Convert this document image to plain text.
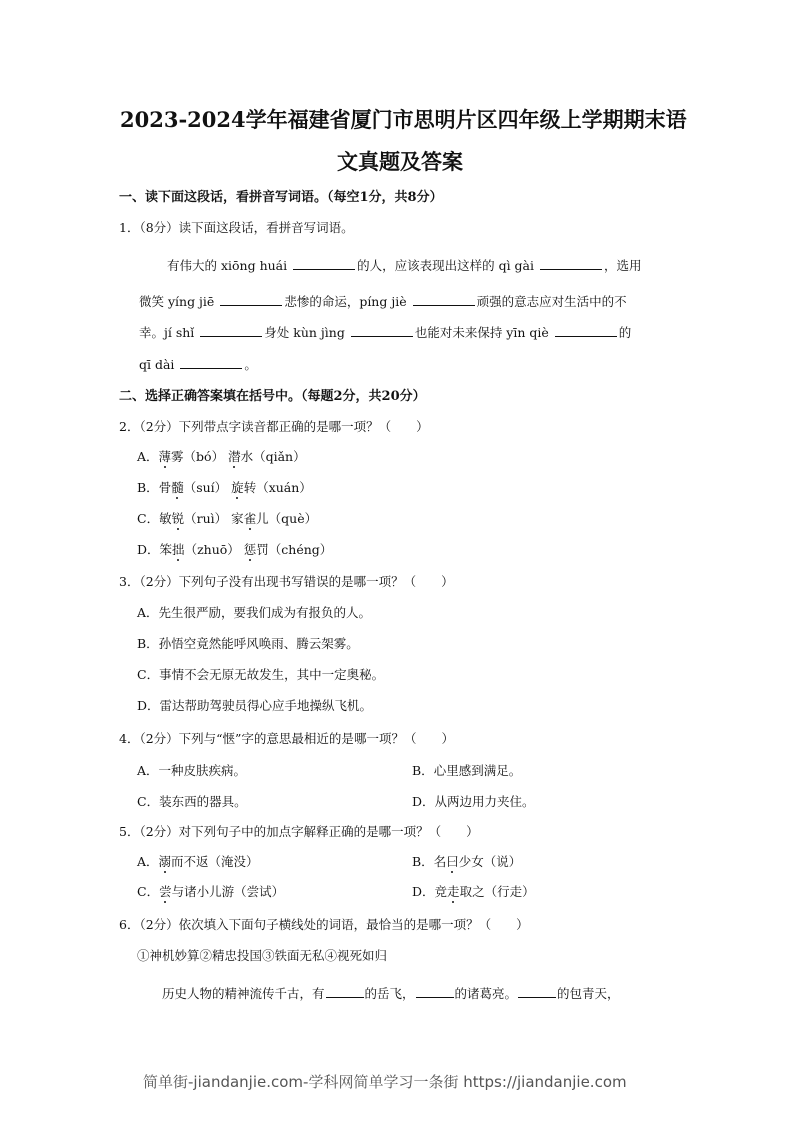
2023-2024学年福建省厦门市思明片区四年级上学期期末语
文真题及答案
一、读下面这段话，看拼音写词语。（每空1分，共8分）
1．（8分）读下面这段话，看拼音写词语。
有伟大的 xiōng huái	的人，应该表现出这样的 qì gài	，选用
微笑 yíng jiē	悲惨的命运，píng jiè	顽强的意志应对生活中的不
幸。jí shǐ	身处 kùn jìng	也能对未来保持 yīn qiè	的
qī dài	。
二、选择正确答案填在括号中。（每题2分，共20分）
2．（2分）下列带点字读音都正确的是哪一项？（　　）
A．薄雾（bó） 潜水（qiǎn）
B．骨髓（suí） 旋转（xuán）
C．敏锐（ruì） 家雀儿（què）
D．笨拙（zhuō） 惩罚（chéng）
3．（2分）下列句子没有出现书写错误的是哪一项？（　　）
A．先生很严励，要我们成为有报负的人。
B．孙悟空竟然能呼风唤雨、腾云架雾。
C．事情不会无原无故发生，其中一定奥秘。
D．雷达帮助驾驶员得心应手地操纵飞机。
4．（2分）下列与“惬”字的意思最相近的是哪一项？（　　）
A．一种皮肤疾病。	B．心里感到满足。
C．装东西的器具。	D．从两边用力夹住。
5．（2分）对下列句子中的加点字解释正确的是哪一项？（　　）
A．溺而不返（淹没）	B．名曰少女（说）
C．尝与诸小儿游（尝试）	D．竞走取之（行走）
6．（2分）依次填入下面句子横线处的词语，最恰当的是哪一项？（　　）
①神机妙算②精忠投国③铁面无私④视死如归
历史人物的精神流传千古，有	的岳飞，	的诸葛亮。	的包青天，
简单街-jiandanjie.com-学科网简单学习一条街 https://jiandanjie.com
